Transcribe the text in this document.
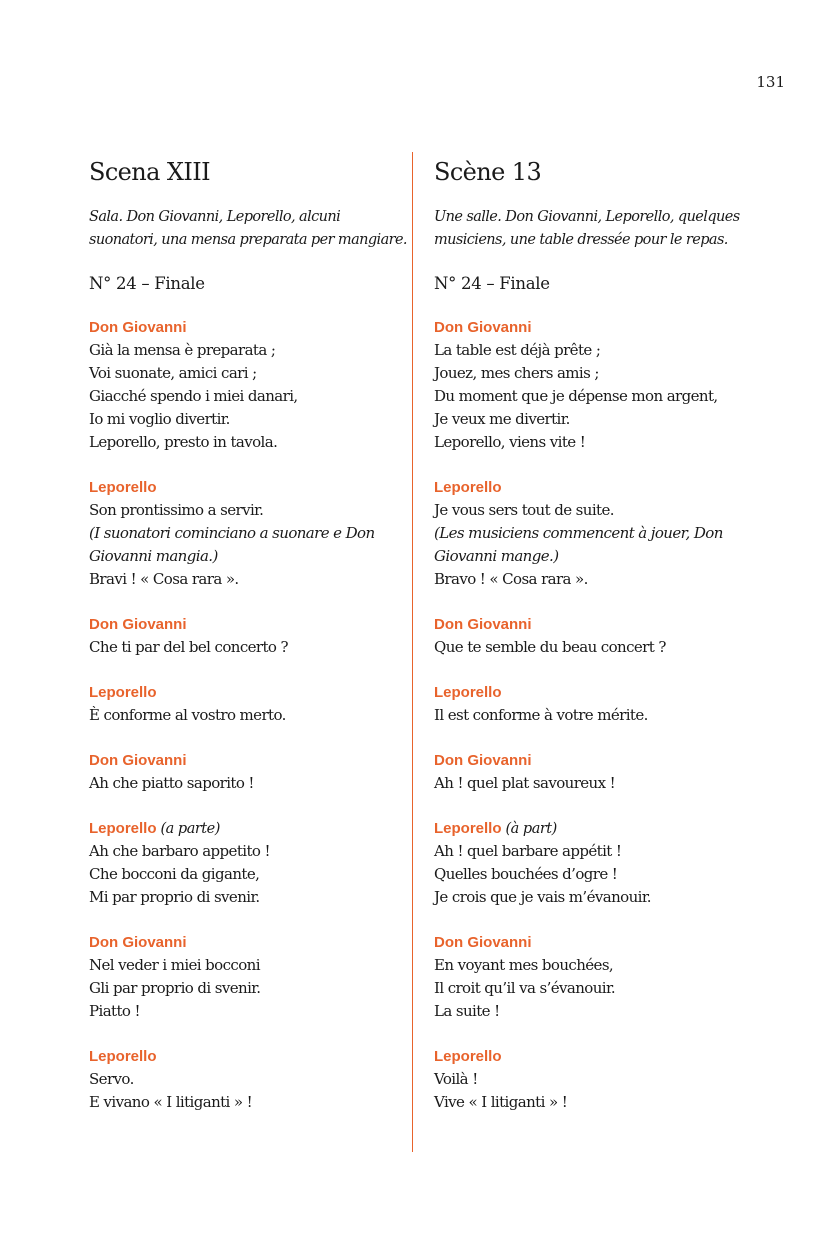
131
Scena XIII
Sala. Don Giovanni, Leporello, alcuni
suonatori, una mensa preparata per mangiare.
N° 24 – Finale
Don Giovanni
Già la mensa è preparata ;
Voi suonate, amici cari ;
Giacché spendo i miei danari,
Io mi voglio divertir.
Leporello, presto in tavola.
Leporello
Son prontissimo a servir.
(I suonatori cominciano a suonare e Don
Giovanni mangia.)
Bravi ! « Cosa rara ».
Don Giovanni
Che ti par del bel concerto ?
Leporello
È conforme al vostro merto.
Don Giovanni
Ah che piatto saporito !
Leporello (a parte)
Ah che barbaro appetito !
Che bocconi da gigante,
Mi par proprio di svenir.
Don Giovanni
Nel veder i miei bocconi
Gli par proprio di svenir.
Piatto !
Leporello
Servo.
E vivano « I litiganti » !
Scène 13
Une salle. Don Giovanni, Leporello, quelques
musiciens, une table dressée pour le repas.
N° 24 – Finale
Don Giovanni
La table est déjà prête ;
Jouez, mes chers amis ;
Du moment que je dépense mon argent,
Je veux me divertir.
Leporello, viens vite !
Leporello
Je vous sers tout de suite.
(Les musiciens commencent à jouer, Don
Giovanni mange.)
Bravo ! « Cosa rara ».
Don Giovanni
Que te semble du beau concert ?
Leporello
Il est conforme à votre mérite.
Don Giovanni
Ah ! quel plat savoureux !
Leporello (à part)
Ah ! quel barbare appétit !
Quelles bouchées d’ogre !
Je crois que je vais m’évanouir.
Don Giovanni
En voyant mes bouchées,
Il croit qu’il va s’évanouir.
La suite !
Leporello
Voilà !
Vive « I litiganti » !
